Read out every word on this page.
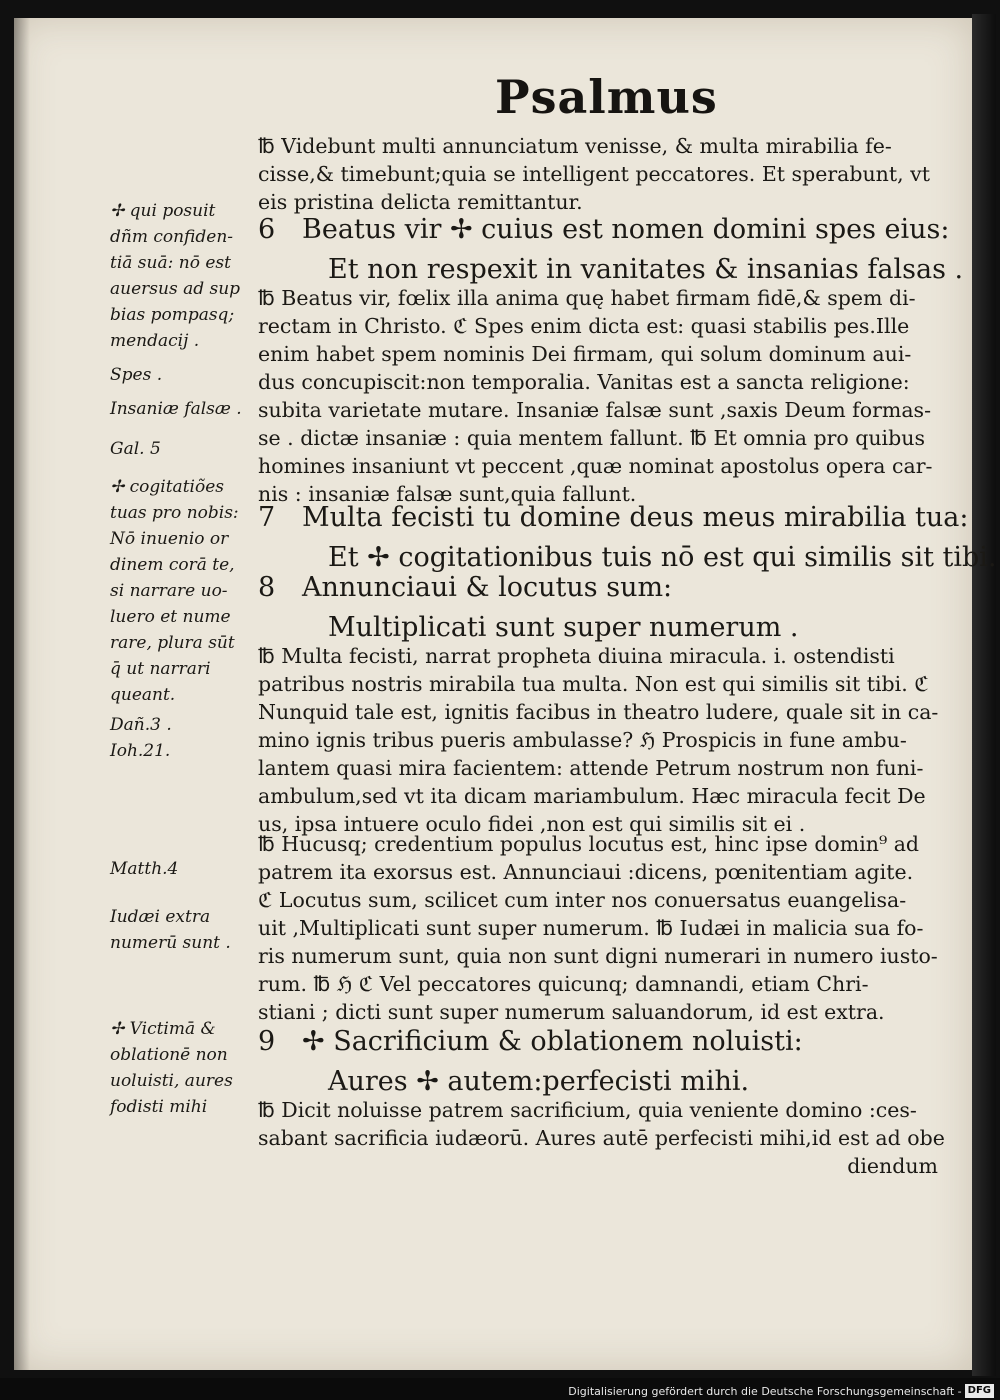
Psalmus
℔ Videbunt multi annunciatum venisse, & multa mirabilia fe-
cisse,& timebunt;quia se intelligent peccatores. Et sperabunt, vt
eis pristina delicta remittantur.
6 Beatus vir ✢ cuius est nomen domini spes eius:
Et non respexit in vanitates & insanias falsas .
℔ Beatus vir, fœlix illa anima quę habet firmam fidē,& spem di-
rectam in Christo. ℭ Spes enim dicta est: quasi stabilis pes.Ille
enim habet spem nominis Dei firmam, qui solum dominum aui-
dus concupiscit:non temporalia. Vanitas est a sancta religione:
subita varietate mutare. Insaniæ falsæ sunt ,saxis Deum formas-
se . dictæ insaniæ : quia mentem fallunt. ℔ Et omnia pro quibus
homines insaniunt vt peccent ,quæ nominat apostolus opera car-
nis : insaniæ falsæ sunt,quia fallunt.
7 Multa fecisti tu domine deus meus mirabilia tua:
Et ✢ cogitationibus tuis nō est qui similis sit tibi.
8 Annunciaui & locutus sum:
Multiplicati sunt super numerum .
℔ Multa fecisti, narrat propheta diuina miracula. i. ostendisti
patribus nostris mirabila tua multa. Non est qui similis sit tibi. ℭ
Nunquid tale est, ignitis facibus in theatro ludere, quale sit in ca-
mino ignis tribus pueris ambulasse? ℌ Prospicis in fune ambu-
lantem quasi mira facientem: attende Petrum nostrum non funi-
ambulum,sed vt ita dicam mariambulum. Hæc miracula fecit De
us, ipsa intuere oculo fidei ,non est qui similis sit ei .
℔ Hucusq; credentium populus locutus est, hinc ipse domin⁹ ad
patrem ita exorsus est. Annunciaui :dicens, pœnitentiam agite.
ℭ Locutus sum, scilicet cum inter nos conuersatus euangelisa-
uit ,Multiplicati sunt super numerum. ℔ Iudæi in malicia sua fo-
ris numerum sunt, quia non sunt digni numerari in numero iusto-
rum. ℔ ℌ ℭ Vel peccatores quicunq; damnandi, etiam Chri-
stiani ; dicti sunt super numerum saluandorum, id est extra.
9 ✢ Sacrificium & oblationem noluisti:
Aures ✢ autem:perfecisti mihi.
℔ Dicit noluisse patrem sacrificium, quia veniente domino :ces-
sabant sacrificia iudæorū. Aures autē perfecisti mihi,id est ad obe
diendum
✢ qui posuit
dñm confiden-
tiā suā: nō est
auersus ad sup
bias pompasq;
mendacij .
Spes .
Insaniæ falsæ .
Gal. 5
✢ cogitatiões
tuas pro nobis:
Nō inuenio or
dinem corā te,
si narrare uo-
luero et nume
rare, plura sūt
q̄ ut narrari
queant.
Dañ.3 .
Ioh.21.
Matth.4
Iudæi extra
numerū sunt .
✢ Victimā &
oblationē non
uoluisti, aures
fodisti mihi
Digitalisierung gefördert durch die Deutsche Forschungsgemeinschaft - DFG
